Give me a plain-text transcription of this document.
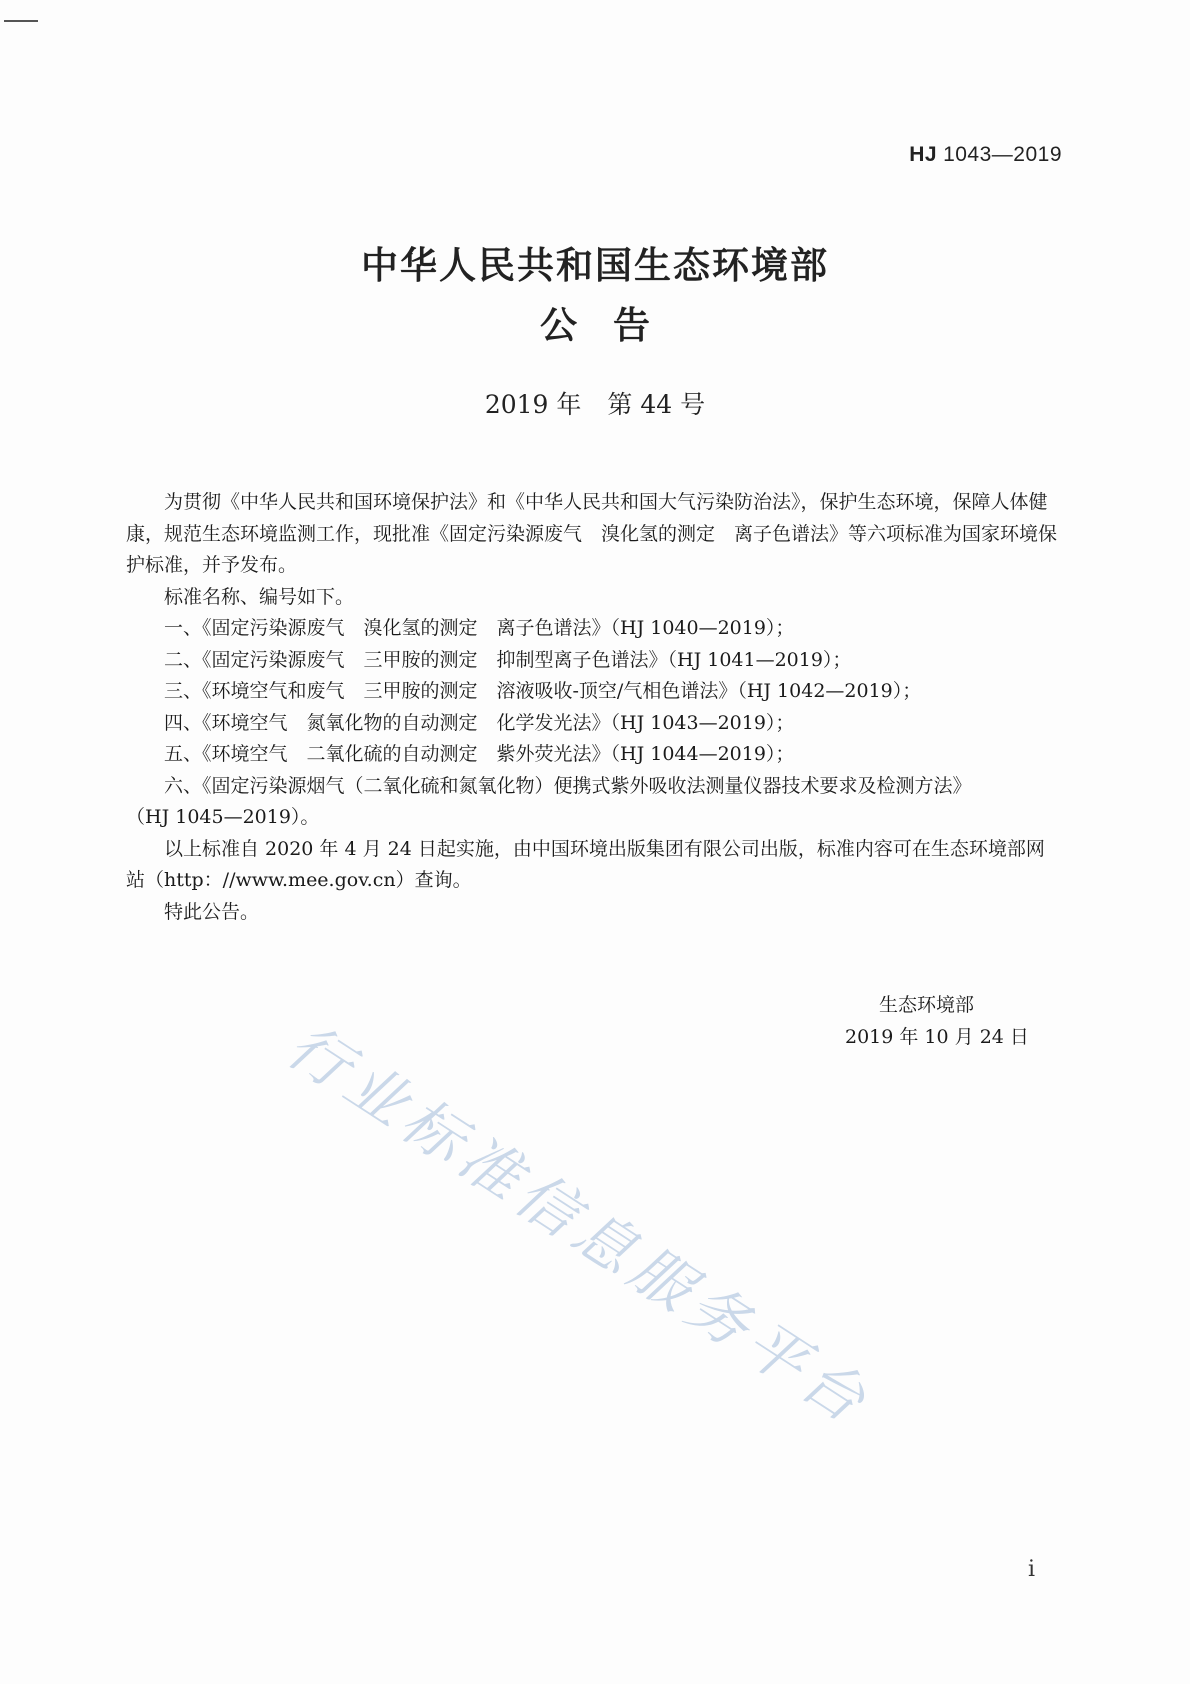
HJ 1043—2019
中华人民共和国生态环境部
公告
2019 年 第 44 号

为贯彻《中华人民共和国环境保护法》和《中华人民共和国大气污染防治法》，保护生态环境，保障人体健康，规范生态环境监测工作，现批准《固定污染源废气　溴化氢的测定　离子色谱法》等六项标准为国家环境保护标准，并予发布。

标准名称、编号如下。

一、《固定污染源废气　溴化氢的测定　离子色谱法》（HJ 1040—2019）；

二、《固定污染源废气　三甲胺的测定　抑制型离子色谱法》（HJ 1041—2019）；

三、《环境空气和废气　三甲胺的测定　溶液吸收-顶空/气相色谱法》（HJ 1042—2019）；

四、《环境空气　氮氧化物的自动测定　化学发光法》（HJ 1043—2019）；

五、《环境空气　二氧化硫的自动测定　紫外荧光法》（HJ 1044—2019）；

六、《固定污染源烟气（二氧化硫和氮氧化物）便携式紫外吸收法测量仪器技术要求及检测方法》

（HJ 1045—2019）。

以上标准自 2020 年 4 月 24 日起实施，由中国环境出版集团有限公司出版，标准内容可在生态环境部网站（http：//www.mee.gov.cn）查询。

特此公告。

生态环境部
2019 年 10 月 24 日
行业标准信息服务平台
i
